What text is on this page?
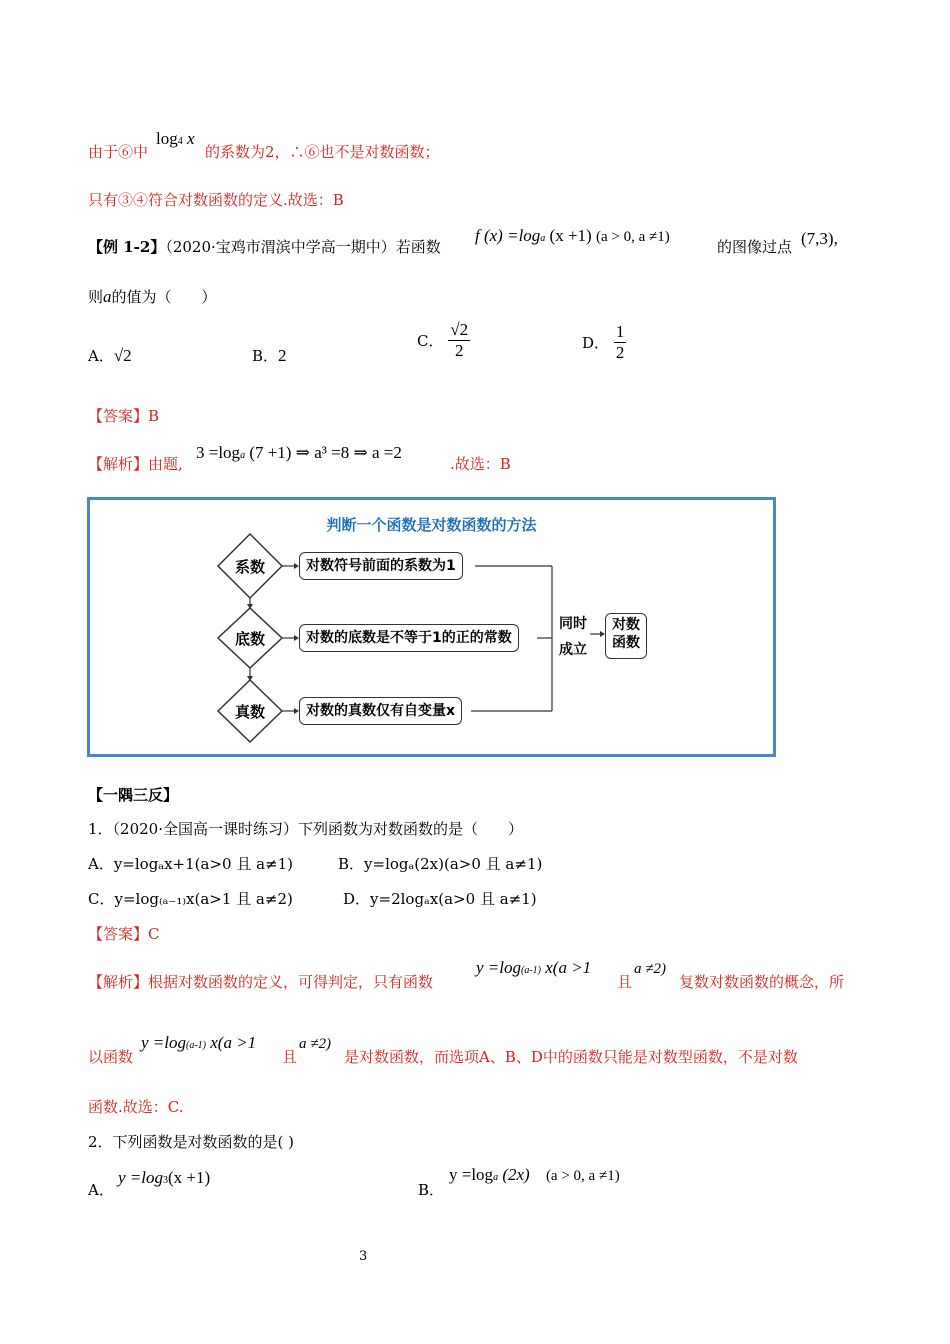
由于⑥中
log4 x
的系数为2，∴⑥也不是对数函数；
只有③④符合对数函数的定义.故选：B
【例 1-2】（2020·宝鸡市渭滨中学高一期中）若函数
f (x) =loga (x +1) (a > 0, a ≠1)
的图像过点 (7,3),
则a的值为（　　）
A．√2	B．2
C． $\frac{√2}{2}$	D． $\frac{1}{2}$
【答案】B
【解析】由题,
3 =loga (7 +1) ⇒ a³ =8 ⇒ a =2
.故选：B
判断一个函数是对数函数的方法
系数
底数
真数
对数符号前面的系数为1
对数的底数是不等于1的正的常数
对数的真数仅有自变量x
同时
成立
对数
函数
【一隅三反】
1．（2020·全国高一课时练习）下列函数为对数函数的是（　　）
A．y=logₐx+1(a>0 且 a≠1)	B．y=logₐ(2x)(a>0 且 a≠1)
C．y=log₍ₐ₋₁₎x(a>1 且 a≠2)	D．y=2logₐx(a>0 且 a≠1)
【答案】C
【解析】根据对数函数的定义，可得判定，只有函数
y =log(a-1) x(a >1
且
a ≠2)
复数对数函数的概念，所
以函数
y =log(a-1) x(a >1
且
a ≠2)
是对数函数，而选项A、B、D中的函数只能是对数型函数，不是对数
函数.故选：C.
2．下列函数是对数函数的是( )
A．
y =log3(x +1)
B．
y =loga (2x) (a > 0, a ≠1)
3
